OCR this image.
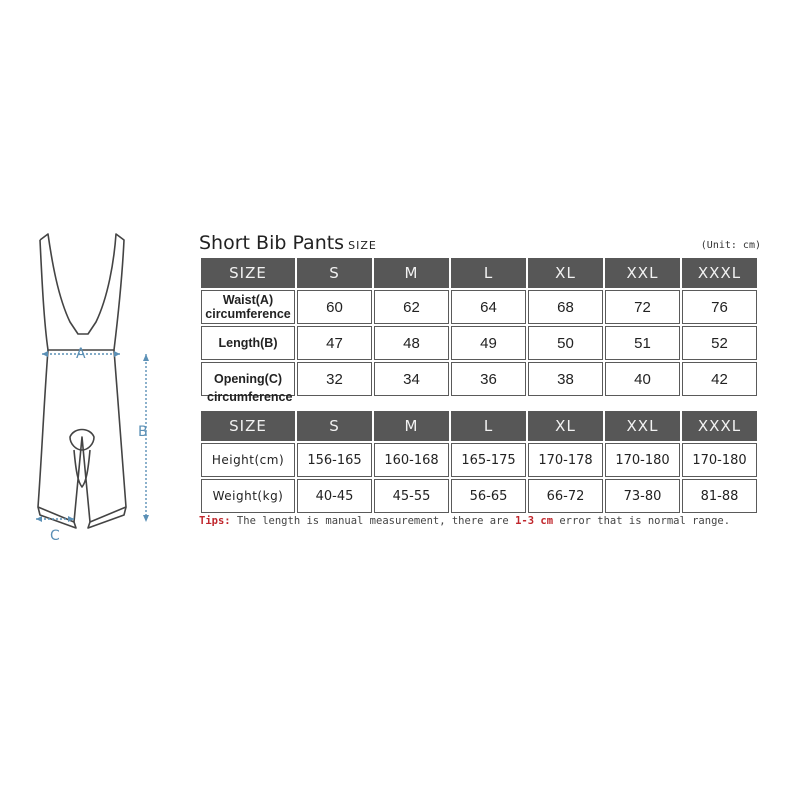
A
B
C
Short Bib Pants SIZE	(Unit: cm)
SIZE	S	M	L	XL	XXL	XXXL
Waist(A) circumference	60	62	64	68	72	76
Length(B)	47	48	49	50	51	52
Opening(C)	32	34	36	38	40	42
circumference
SIZE	S	M	L	XL	XXL	XXXL
Height(cm)	156-165	160-168	165-175	170-178	170-180	170-180
Weight(kg)	40-45	45-55	56-65	66-72	73-80	81-88
Tips: The length is manual measurement, there are 1-3 cm error that is normal range.
